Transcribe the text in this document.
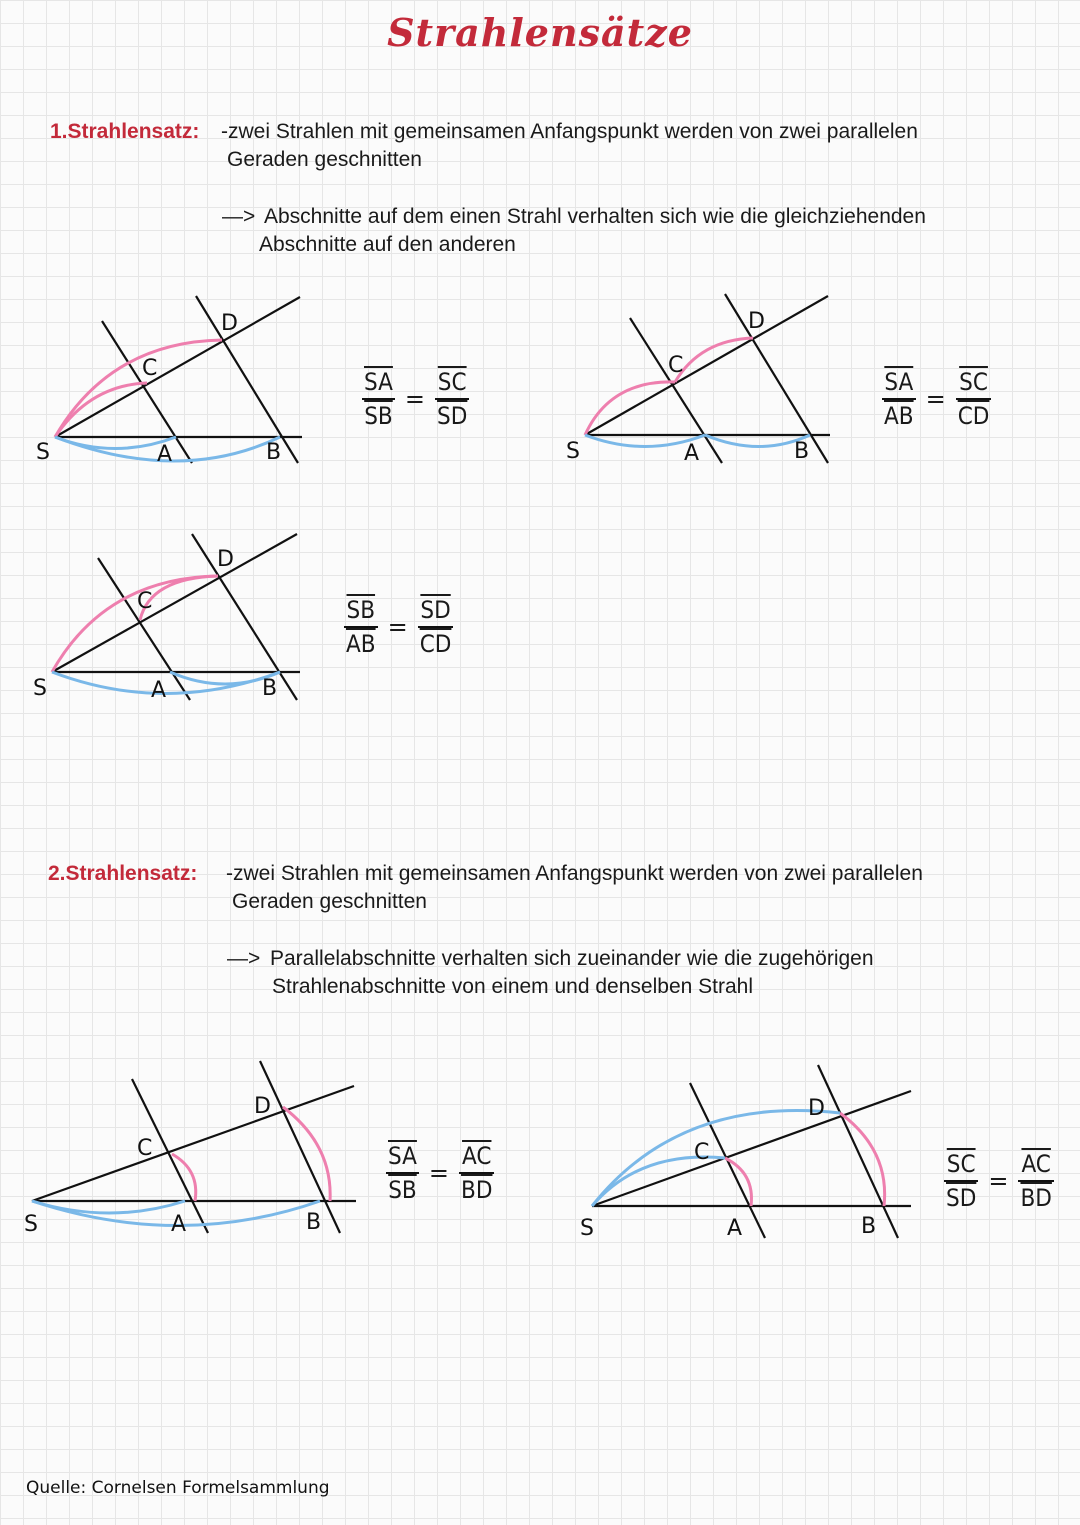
Strahlensätze
1.Strahlensatz: -zwei Strahlen mit gemeinsamen Anfangspunkt werden von zwei parallelen
Geraden geschnitten
—> Abschnitte auf dem einen Strahl verhalten sich wie die gleichziehenden
Abschnitte auf den anderen
S	A	B
C
D
$\frac{\overline{SA}}{SB} = \frac{\overline{SC}}{SD}$
S	A	B
C
D
$\frac{\overline{SA}}{AB} = \frac{\overline{SC}}{CD}$
S	A	B
C
D
$\frac{\overline{SB}}{AB} = \frac{\overline{SD}}{CD}$
2.Strahlensatz: -zwei Strahlen mit gemeinsamen Anfangspunkt werden von zwei parallelen
Geraden geschnitten
—> Parallelabschnitte verhalten sich zueinander wie die zugehörigen
Strahlenabschnitte von einem und denselben Strahl
S	A	B
C
D
$\frac{\overline{SA}}{SB} = \frac{\overline{AC}}{BD}$
S	A	B
C
D
$\frac{\overline{SC}}{SD} = \frac{\overline{AC}}{BD}$
Quelle: Cornelsen Formelsammlung
